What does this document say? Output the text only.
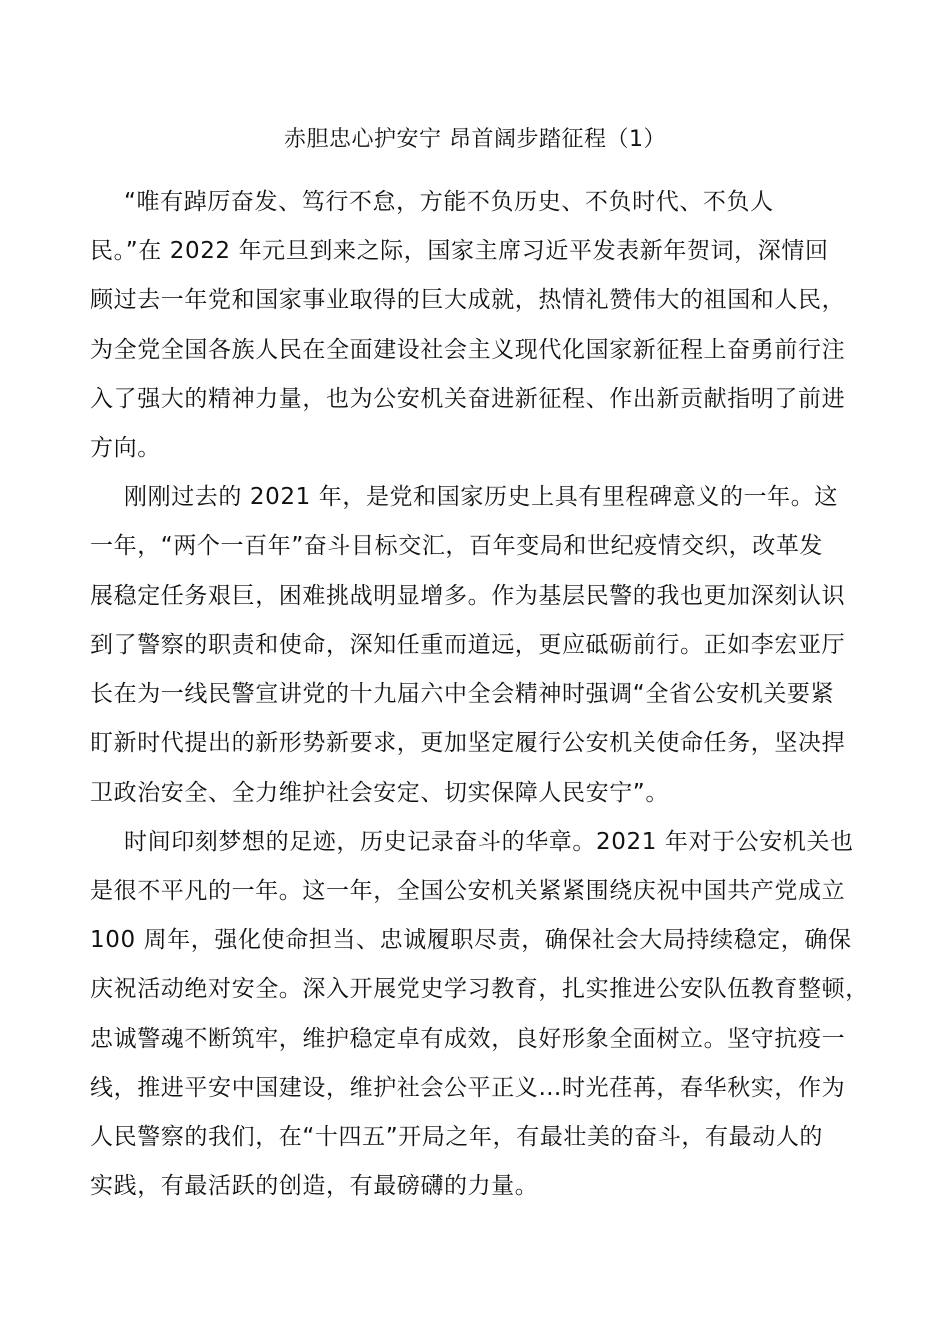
赤胆忠心护安宁 昂首阔步踏征程（1）
“唯有踔厉奋发、笃行不怠，方能不负历史、不负时代、不负人
民。”在 2022 年元旦到来之际，国家主席习近平发表新年贺词，深情回
顾过去一年党和国家事业取得的巨大成就，热情礼赞伟大的祖国和人民，
为全党全国各族人民在全面建设社会主义现代化国家新征程上奋勇前行注
入了强大的精神力量，也为公安机关奋进新征程、作出新贡献指明了前进
方向。
刚刚过去的 2021 年，是党和国家历史上具有里程碑意义的一年。这
一年，“两个一百年”奋斗目标交汇，百年变局和世纪疫情交织，改革发
展稳定任务艰巨，困难挑战明显增多。作为基层民警的我也更加深刻认识
到了警察的职责和使命，深知任重而道远，更应砥砺前行。正如李宏亚厅
长在为一线民警宣讲党的十九届六中全会精神时强调“全省公安机关要紧
盯新时代提出的新形势新要求，更加坚定履行公安机关使命任务，坚决捍
卫政治安全、全力维护社会安定、切实保障人民安宁”。
时间印刻梦想的足迹，历史记录奋斗的华章。2021 年对于公安机关也
是很不平凡的一年。这一年，全国公安机关紧紧围绕庆祝中国共产党成立
100 周年，强化使命担当、忠诚履职尽责，确保社会大局持续稳定，确保
庆祝活动绝对安全。深入开展党史学习教育，扎实推进公安队伍教育整顿，
忠诚警魂不断筑牢，维护稳定卓有成效，良好形象全面树立。坚守抗疫一
线，推进平安中国建设，维护社会公平正义…时光荏苒，春华秋实，作为
人民警察的我们，在“十四五”开局之年，有最壮美的奋斗，有最动人的
实践，有最活跃的创造，有最磅礴的力量。
